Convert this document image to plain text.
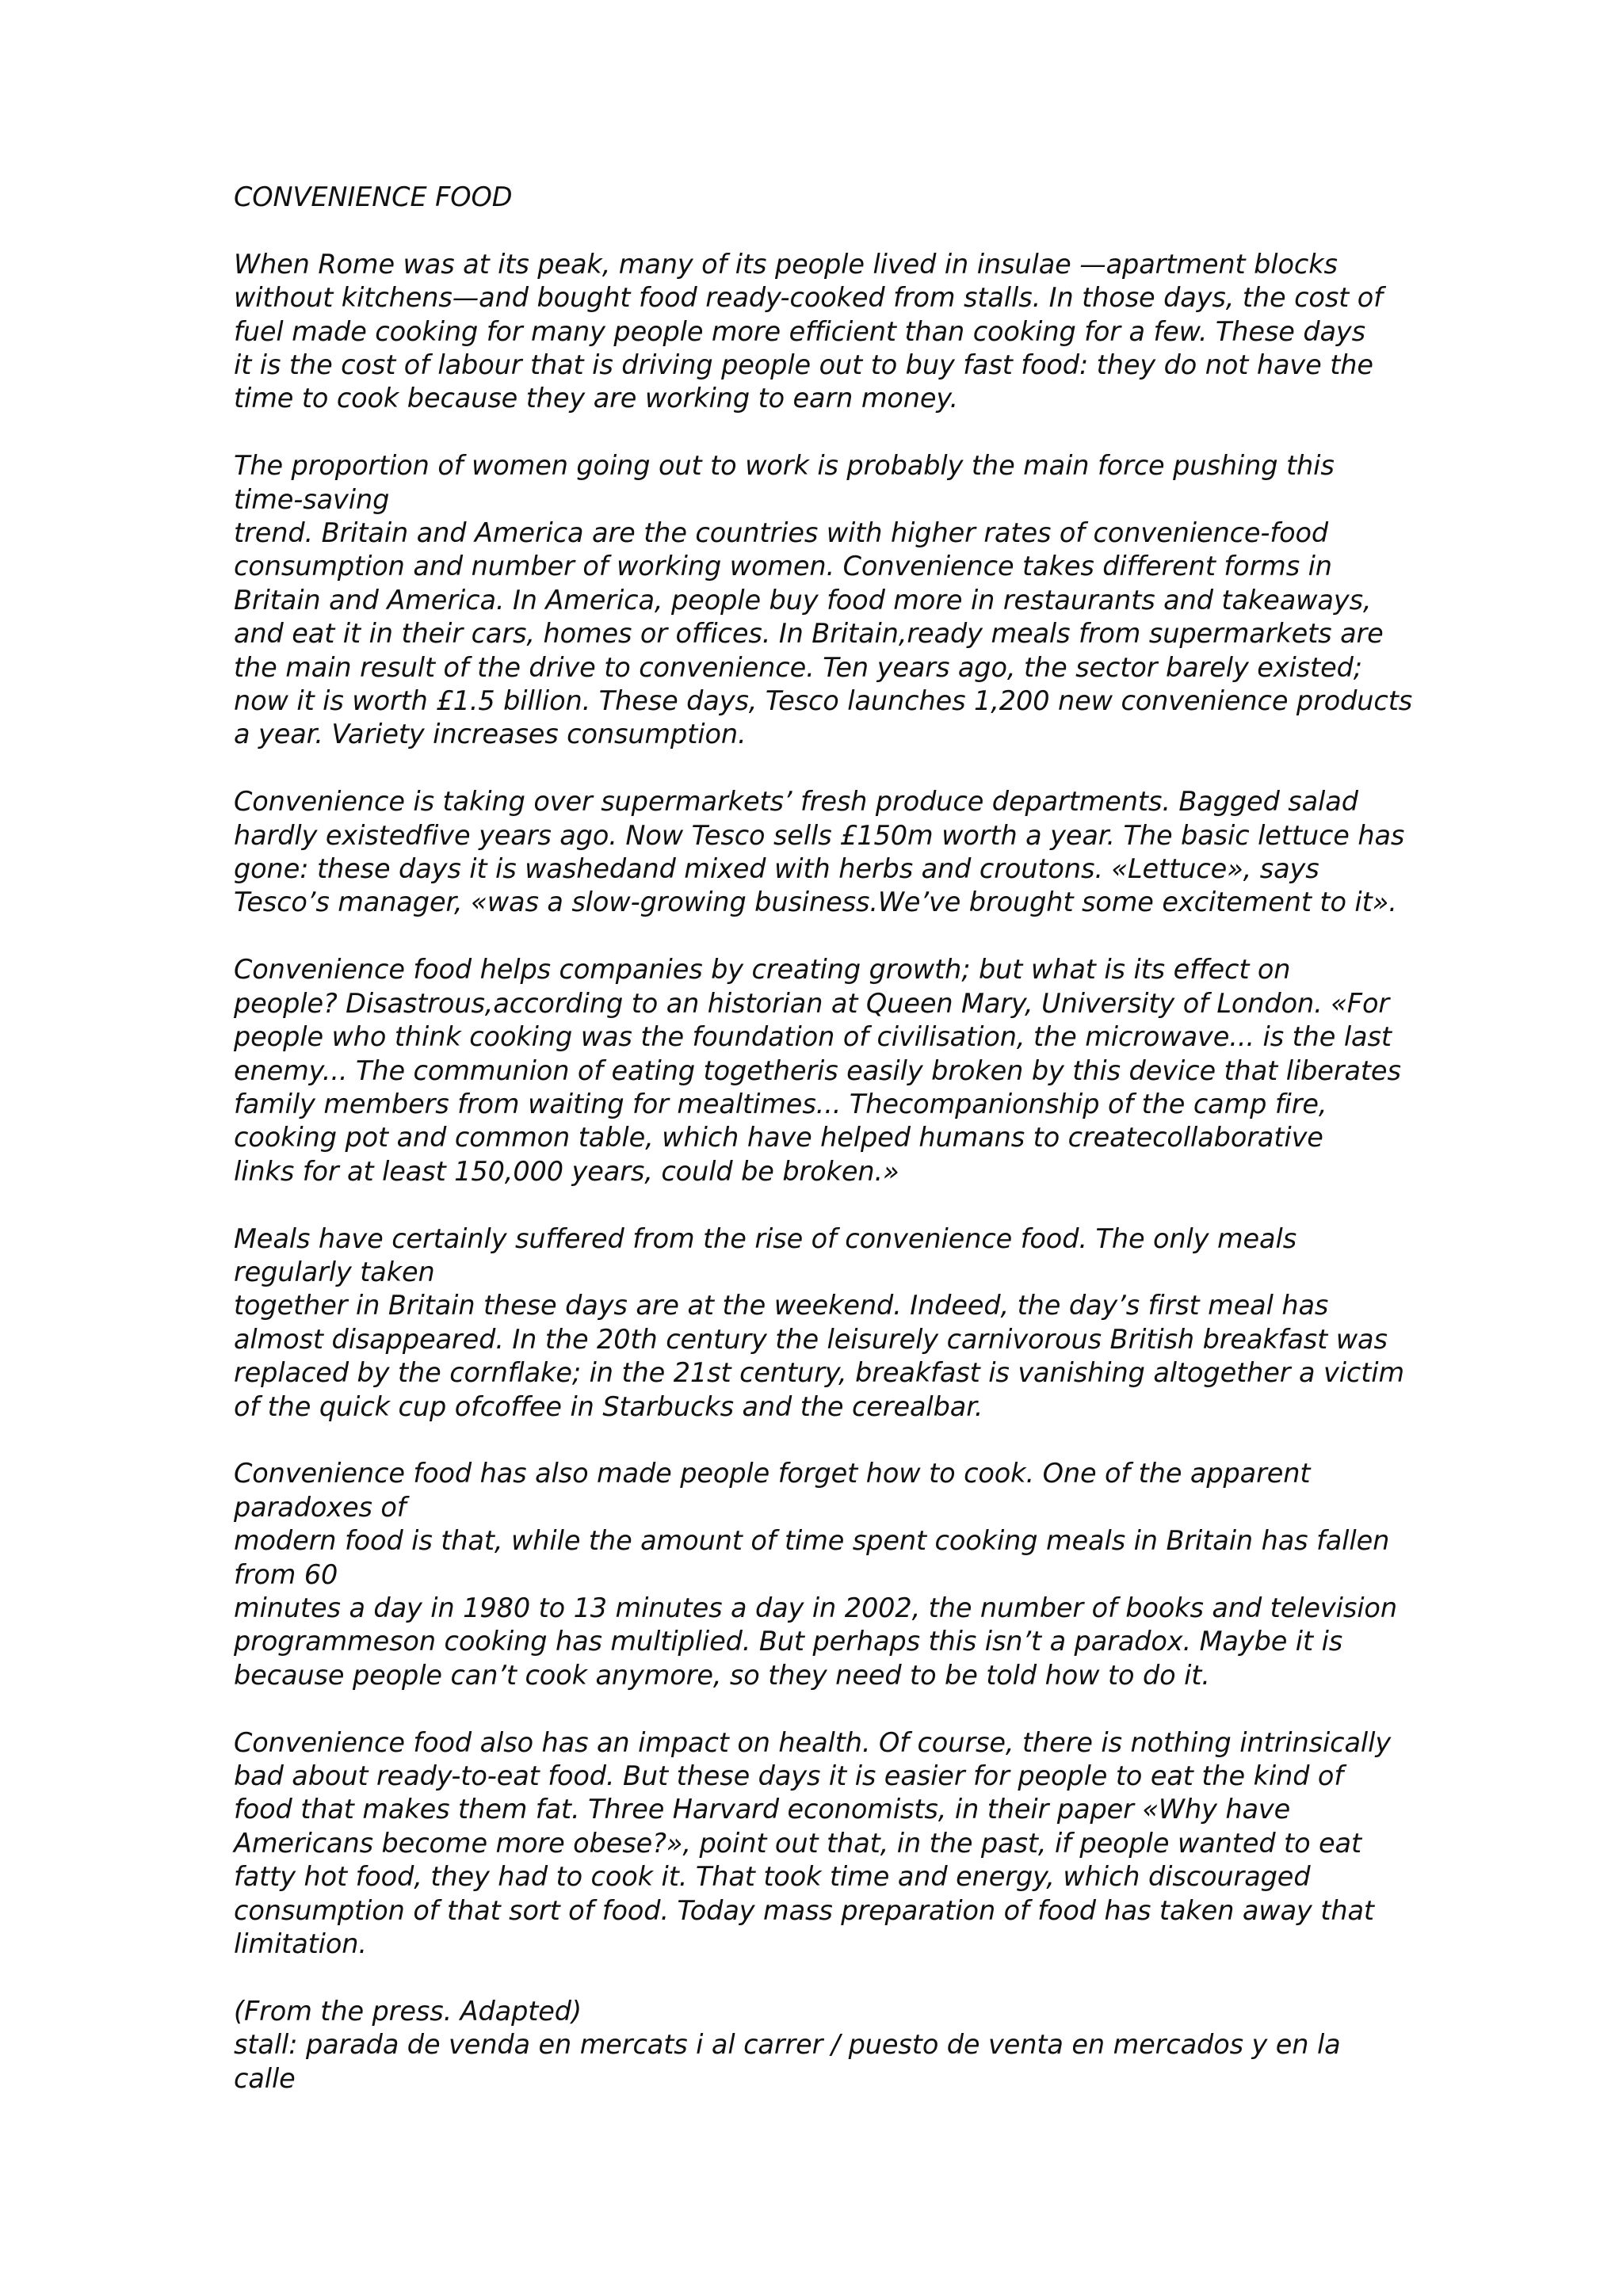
CONVENIENCE FOOD
When Rome was at its peak, many of its people lived in insulae —apartment blocks
without kitchens—and bought food ready-cooked from stalls. In those days, the cost of
fuel made cooking for many people more efficient than cooking for a few. These days
it is the cost of labour that is driving people out to buy fast food: they do not have the
time to cook because they are working to earn money.
The proportion of women going out to work is probably the main force pushing this
time-saving
trend. Britain and America are the countries with higher rates of convenience-food
consumption and number of working women. Convenience takes different forms in
Britain and America. In America, people buy food more in restaurants and takeaways,
and eat it in their cars, homes or offices. In Britain,ready meals from supermarkets are
the main result of the drive to convenience. Ten years ago, the sector barely existed;
now it is worth £1.5 billion. These days, Tesco launches 1,200 new convenience products
a year. Variety increases consumption.
Convenience is taking over supermarkets’ fresh produce departments. Bagged salad
hardly existedfive years ago. Now Tesco sells £150m worth a year. The basic lettuce has
gone: these days it is washedand mixed with herbs and croutons. «Lettuce», says
Tesco’s manager, «was a slow-growing business.We’ve brought some excitement to it».
Convenience food helps companies by creating growth; but what is its effect on
people? Disastrous,according to an historian at Queen Mary, University of London. «For
people who think cooking was the foundation of civilisation, the microwave... is the last
enemy... The communion of eating togetheris easily broken by this device that liberates
family members from waiting for mealtimes... Thecompanionship of the camp fire,
cooking pot and common table, which have helped humans to createcollaborative
links for at least 150,000 years, could be broken.»
Meals have certainly suffered from the rise of convenience food. The only meals
regularly taken
together in Britain these days are at the weekend. Indeed, the day’s first meal has
almost disappeared. In the 20th century the leisurely carnivorous British breakfast was
replaced by the cornflake; in the 21st century, breakfast is vanishing altogether a victim
of the quick cup ofcoffee in Starbucks and the cerealbar.
Convenience food has also made people forget how to cook. One of the apparent
paradoxes of
modern food is that, while the amount of time spent cooking meals in Britain has fallen
from 60
minutes a day in 1980 to 13 minutes a day in 2002, the number of books and television
programmeson cooking has multiplied. But perhaps this isn’t a paradox. Maybe it is
because people can’t cook anymore, so they need to be told how to do it.
Convenience food also has an impact on health. Of course, there is nothing intrinsically
bad about ready-to-eat food. But these days it is easier for people to eat the kind of
food that makes them fat. Three Harvard economists, in their paper «Why have
Americans become more obese?», point out that, in the past, if people wanted to eat
fatty hot food, they had to cook it. That took time and energy, which discouraged
consumption of that sort of food. Today mass preparation of food has taken away that
limitation.
(From the press. Adapted)
stall: parada de venda en mercats i al carrer / puesto de venta en mercados y en la
calle
